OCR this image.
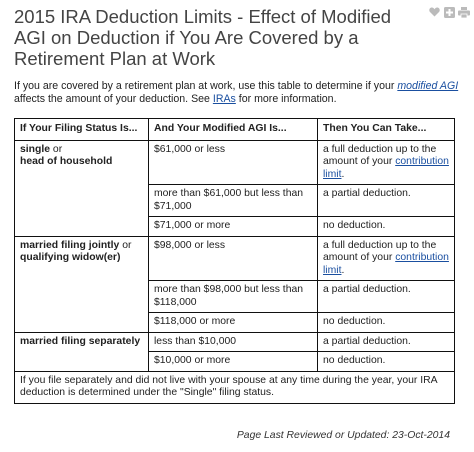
2015 IRA Deduction Limits - Effect of Modified AGI on Deduction if You Are Covered by a Retirement Plan at Work

If you are covered by a retirement plan at work, use this table to determine if your modified AGI affects the amount of your deduction. See IRAs for more information.

If Your Filing Status Is...	And Your Modified AGI Is...	Then You Can Take...
single or
head of household	$61,000 or less	a full deduction up to the amount of your contribution limit.
	more than $61,000 but less than $71,000	a partial deduction.
	$71,000 or more	no deduction.
married filing jointly or
qualifying widow(er)	$98,000 or less	a full deduction up to the amount of your contribution limit.
	more than $98,000 but less than $118,000	a partial deduction.
	$118,000 or more	no deduction.
married filing separately	less than $10,000	a partial deduction.
	$10,000 or more	no deduction.
If you file separately and did not live with your spouse at any time during the year, your IRA deduction is determined under the "Single" filing status.		
Page Last Reviewed or Updated: 23-Oct-2014
